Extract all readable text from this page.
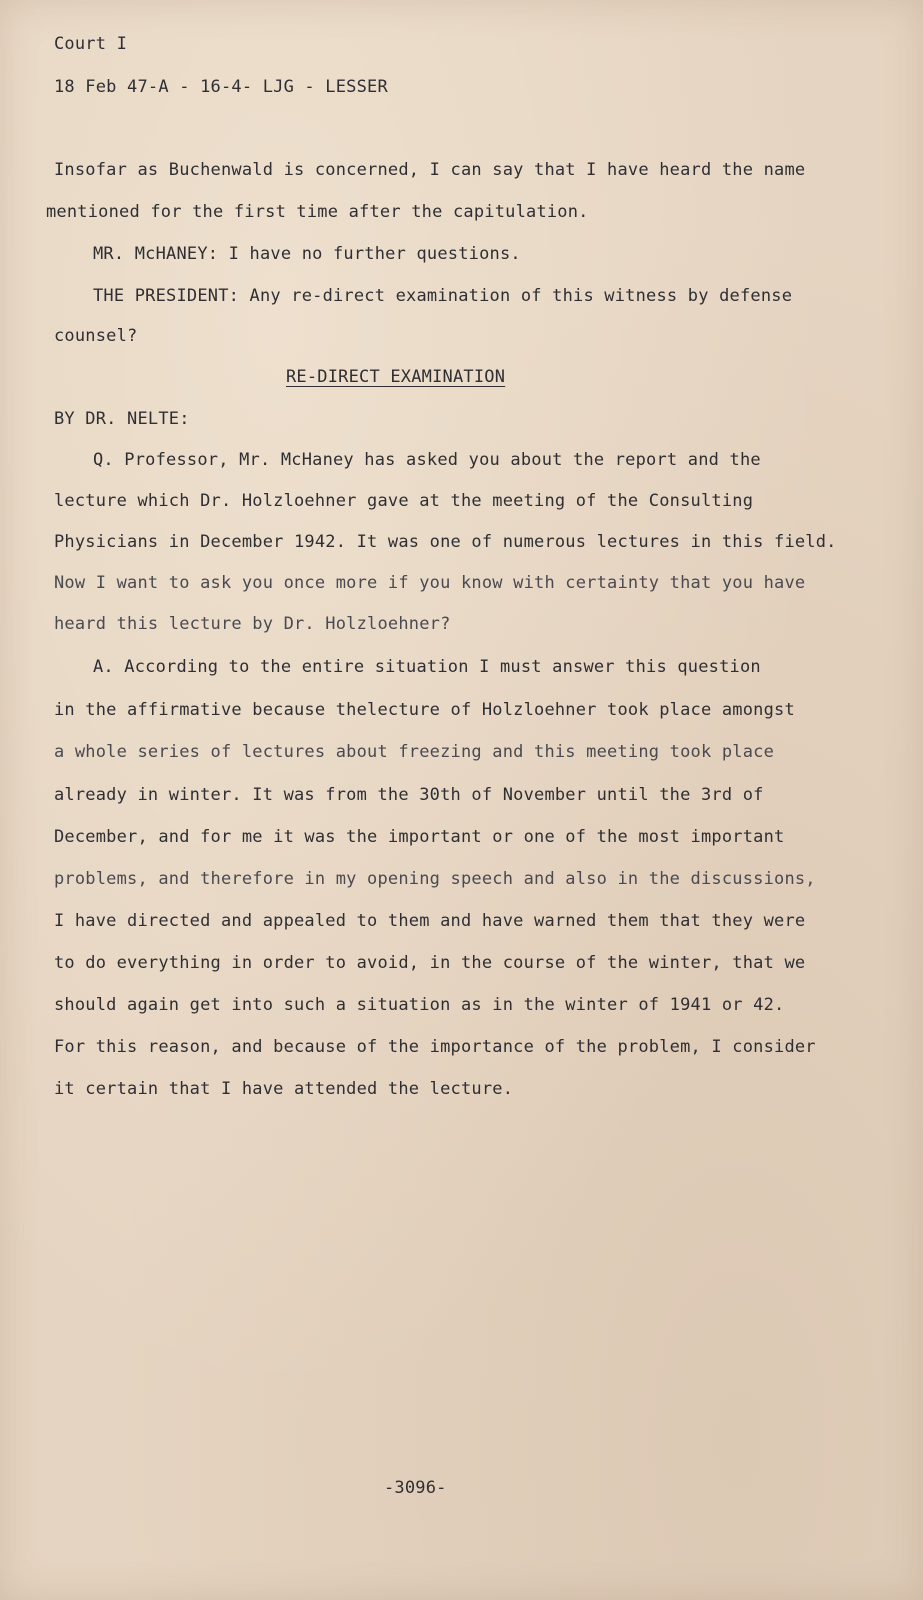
Court I
18 Feb 47-A - 16-4- LJG - LESSER
Insofar as Buchenwald is concerned, I can say that I have heard the name
mentioned for the first time after the capitulation.
MR. McHANEY: I have no further questions.
THE PRESIDENT: Any re-direct examination of this witness by defense
counsel?
RE-DIRECT EXAMINATION
BY DR. NELTE:
Q. Professor, Mr. McHaney has asked you about the report and the
lecture which Dr. Holzloehner gave at the meeting of the Consulting
Physicians in December 1942. It was one of numerous lectures in this field.
Now I want to ask you once more if you know with certainty that you have
heard this lecture by Dr. Holzloehner?
A. According to the entire situation I must answer this question
in the affirmative because thelecture of Holzloehner took place amongst
a whole series of lectures about freezing and this meeting took place
already in winter. It was from the 30th of November until the 3rd of
December, and for me it was the important or one of the most important
problems, and therefore in my opening speech and also in the discussions,
I have directed and appealed to them and have warned them that they were
to do everything in order to avoid, in the course of the winter, that we
should again get into such a situation as in the winter of 1941 or 42.
For this reason, and because of the importance of the problem, I consider
it certain that I have attended the lecture.
-3096-
